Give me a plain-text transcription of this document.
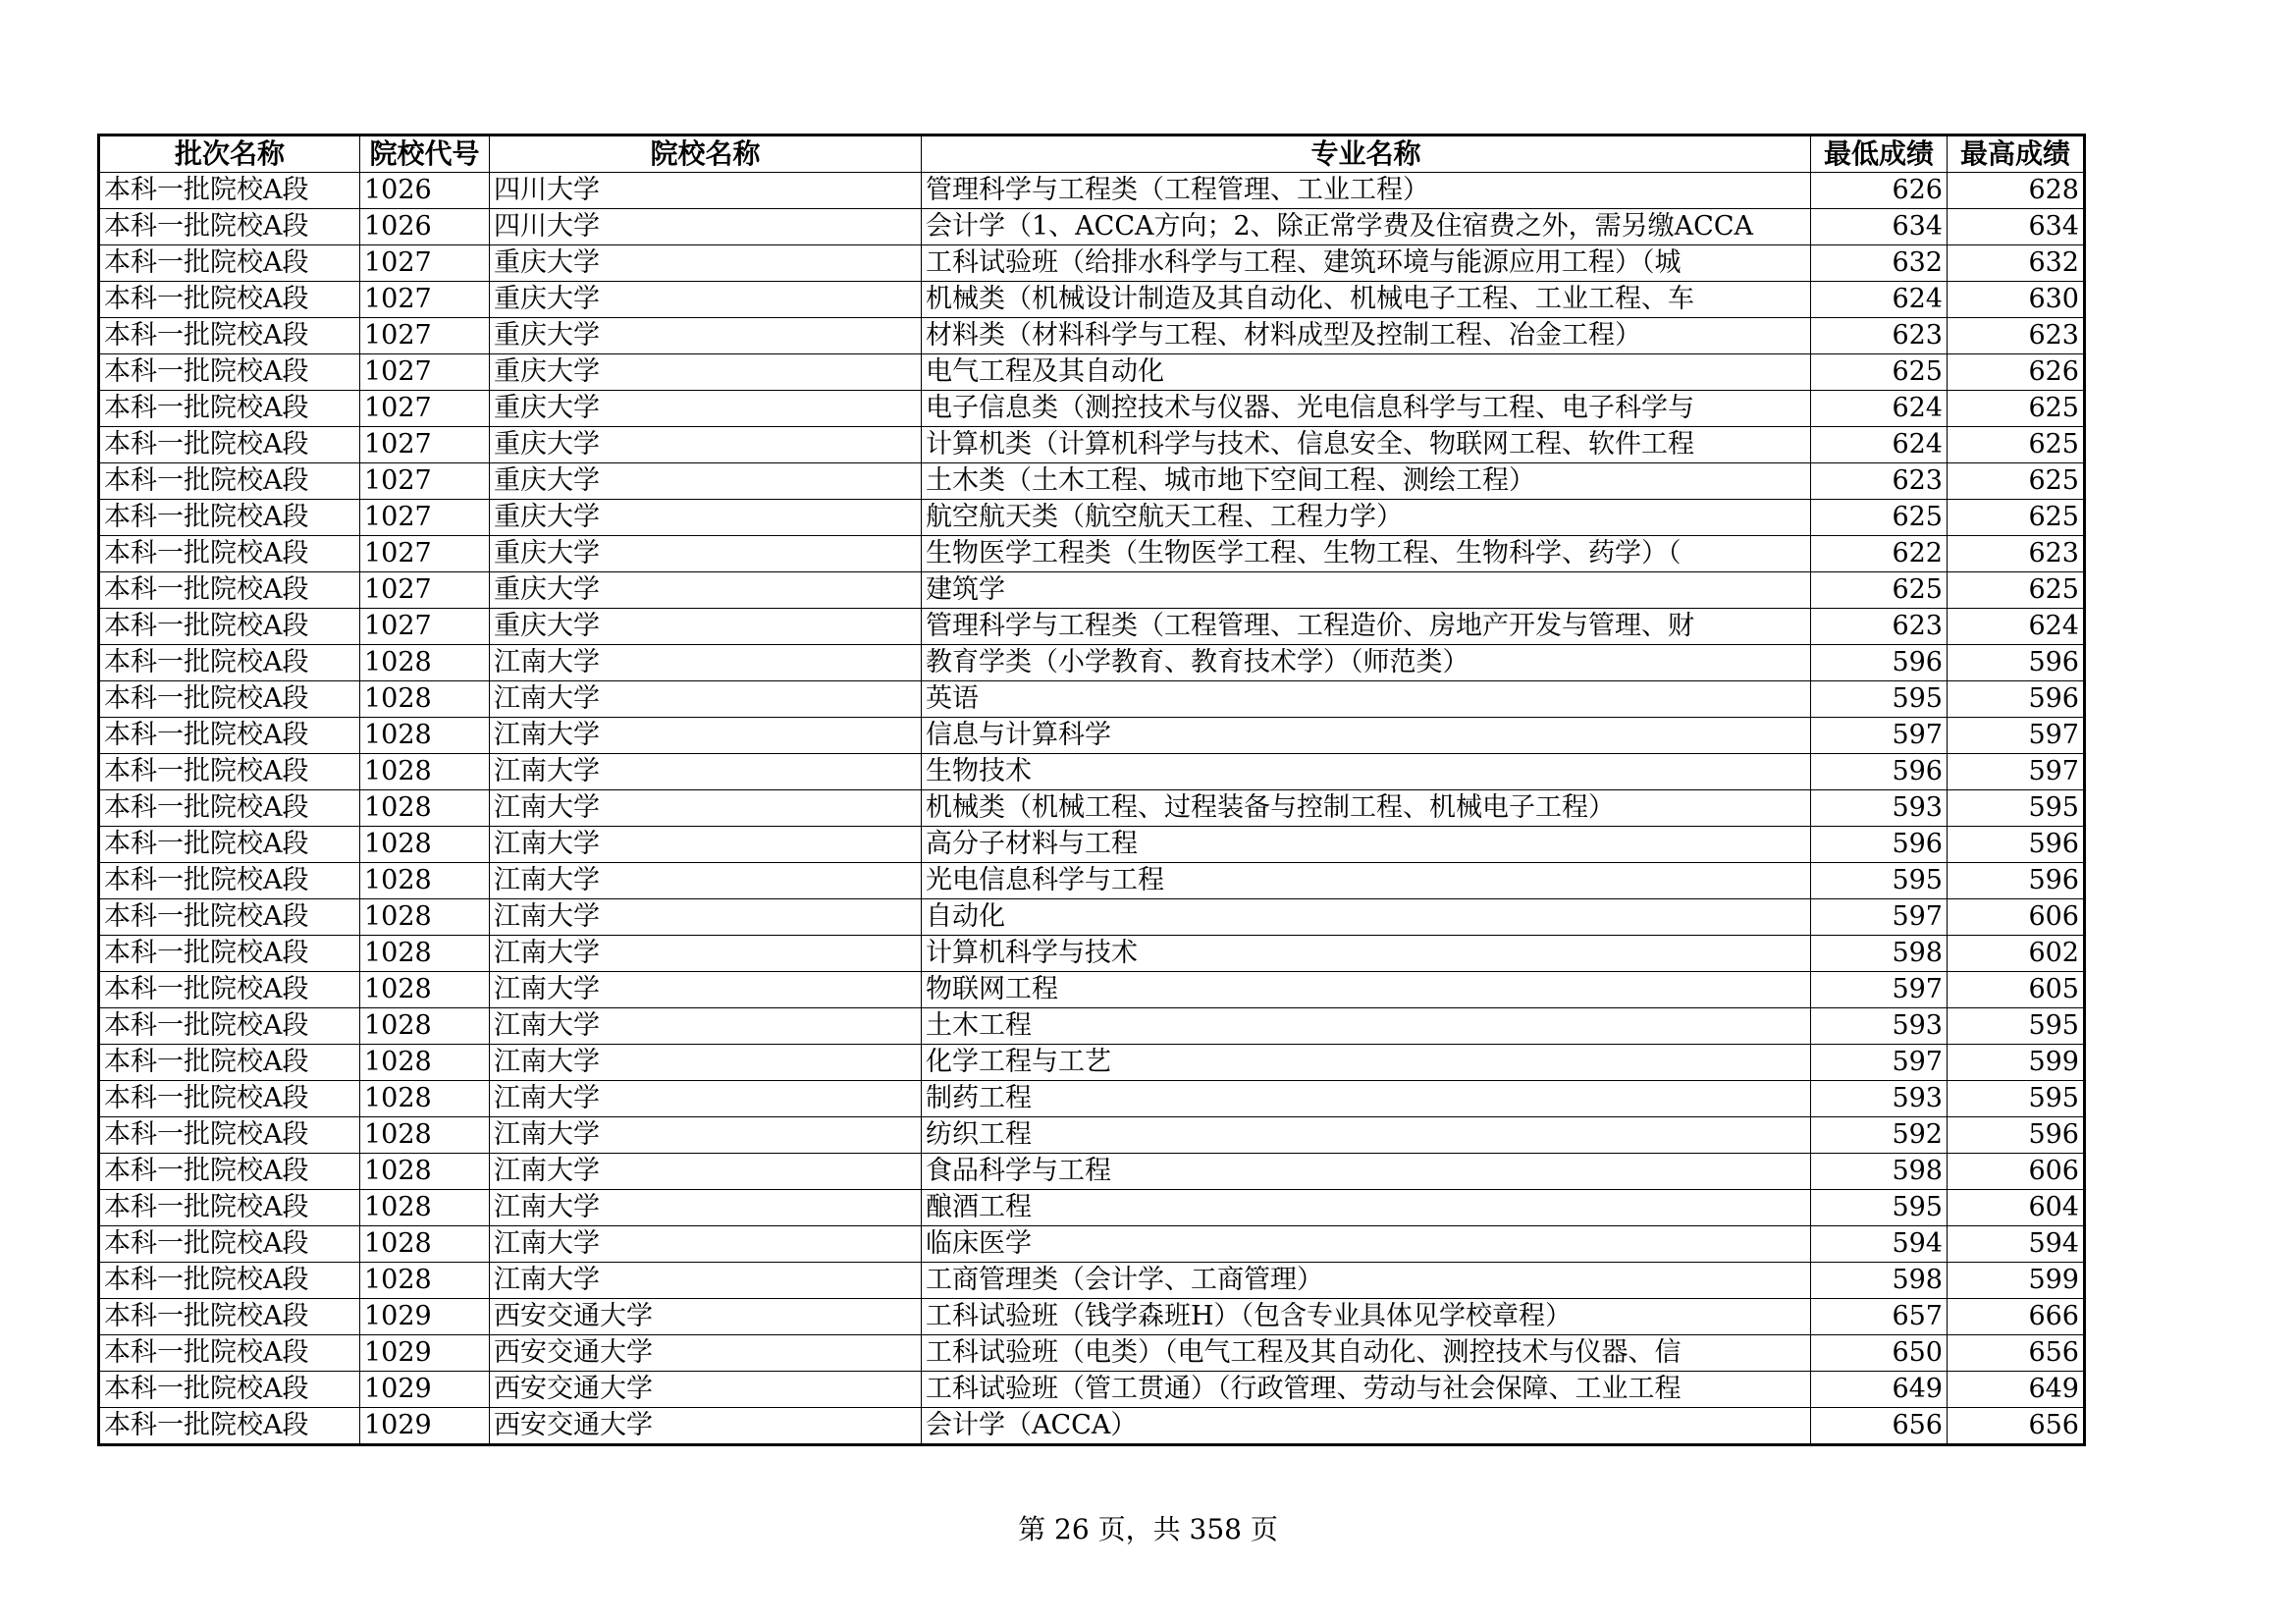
批次名称	院校代号	院校名称	专业名称	最低成绩	最高成绩
本科一批院校A段	1026	四川大学	管理科学与工程类（工程管理、工业工程）	626	628
本科一批院校A段	1026	四川大学	会计学（1、ACCA方向；2、除正常学费及住宿费之外，需另缴ACCA	634	634
本科一批院校A段	1027	重庆大学	工科试验班（给排水科学与工程、建筑环境与能源应用工程）（城	632	632
本科一批院校A段	1027	重庆大学	机械类（机械设计制造及其自动化、机械电子工程、工业工程、车	624	630
本科一批院校A段	1027	重庆大学	材料类（材料科学与工程、材料成型及控制工程、冶金工程）	623	623
本科一批院校A段	1027	重庆大学	电气工程及其自动化	625	626
本科一批院校A段	1027	重庆大学	电子信息类（测控技术与仪器、光电信息科学与工程、电子科学与	624	625
本科一批院校A段	1027	重庆大学	计算机类（计算机科学与技术、信息安全、物联网工程、软件工程	624	625
本科一批院校A段	1027	重庆大学	土木类（土木工程、城市地下空间工程、测绘工程）	623	625
本科一批院校A段	1027	重庆大学	航空航天类（航空航天工程、工程力学）	625	625
本科一批院校A段	1027	重庆大学	生物医学工程类（生物医学工程、生物工程、生物科学、药学）（	622	623
本科一批院校A段	1027	重庆大学	建筑学	625	625
本科一批院校A段	1027	重庆大学	管理科学与工程类（工程管理、工程造价、房地产开发与管理、财	623	624
本科一批院校A段	1028	江南大学	教育学类（小学教育、教育技术学）（师范类）	596	596
本科一批院校A段	1028	江南大学	英语	595	596
本科一批院校A段	1028	江南大学	信息与计算科学	597	597
本科一批院校A段	1028	江南大学	生物技术	596	597
本科一批院校A段	1028	江南大学	机械类（机械工程、过程装备与控制工程、机械电子工程）	593	595
本科一批院校A段	1028	江南大学	高分子材料与工程	596	596
本科一批院校A段	1028	江南大学	光电信息科学与工程	595	596
本科一批院校A段	1028	江南大学	自动化	597	606
本科一批院校A段	1028	江南大学	计算机科学与技术	598	602
本科一批院校A段	1028	江南大学	物联网工程	597	605
本科一批院校A段	1028	江南大学	土木工程	593	595
本科一批院校A段	1028	江南大学	化学工程与工艺	597	599
本科一批院校A段	1028	江南大学	制药工程	593	595
本科一批院校A段	1028	江南大学	纺织工程	592	596
本科一批院校A段	1028	江南大学	食品科学与工程	598	606
本科一批院校A段	1028	江南大学	酿酒工程	595	604
本科一批院校A段	1028	江南大学	临床医学	594	594
本科一批院校A段	1028	江南大学	工商管理类（会计学、工商管理）	598	599
本科一批院校A段	1029	西安交通大学	工科试验班（钱学森班H）（包含专业具体见学校章程）	657	666
本科一批院校A段	1029	西安交通大学	工科试验班（电类）（电气工程及其自动化、测控技术与仪器、信	650	656
本科一批院校A段	1029	西安交通大学	工科试验班（管工贯通）（行政管理、劳动与社会保障、工业工程	649	649
本科一批院校A段	1029	西安交通大学	会计学（ACCA）	656	656
第 26 页，共 358 页
